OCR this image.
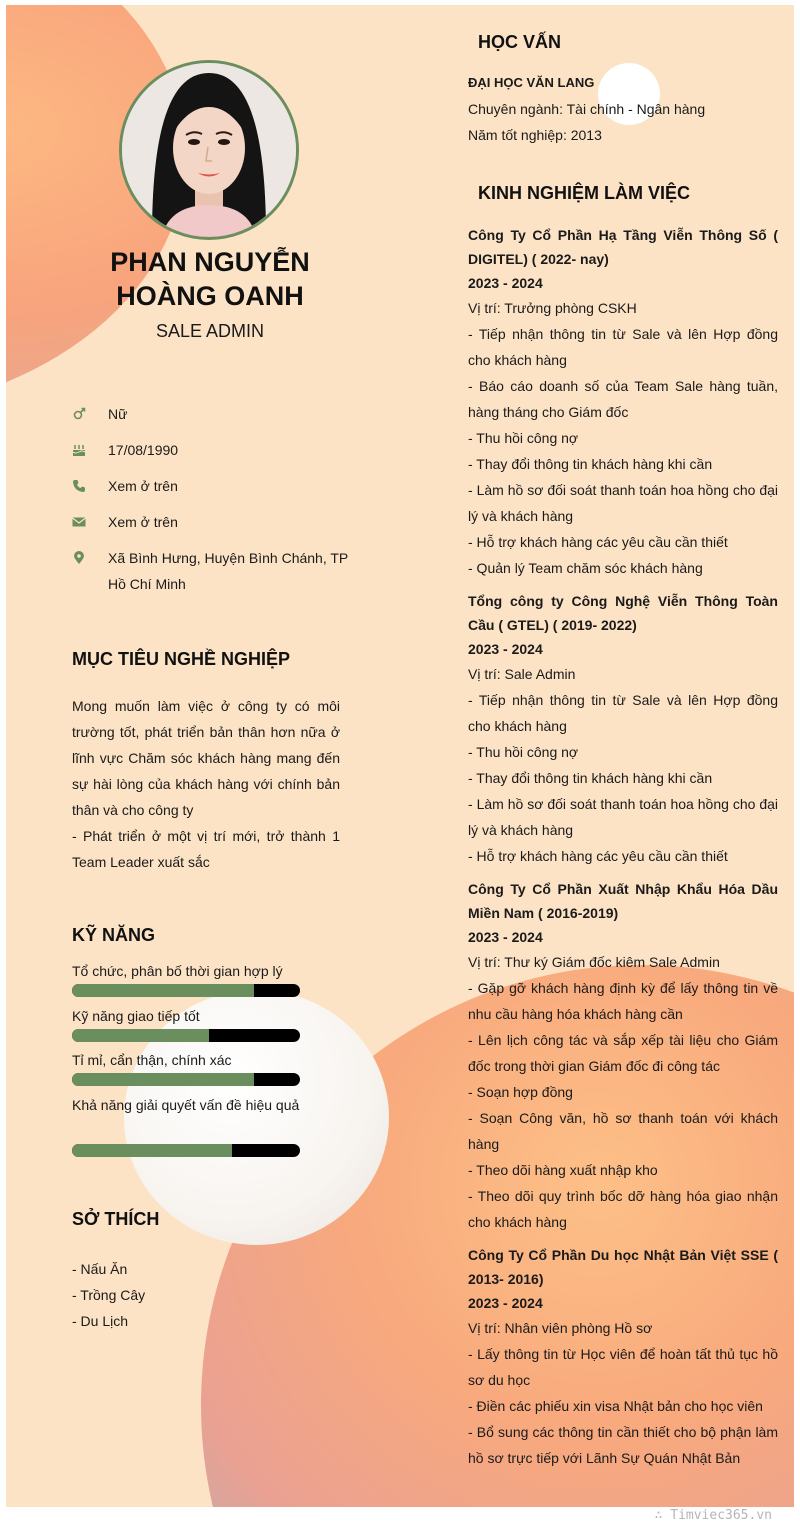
PHAN NGUYỄN
HOÀNG OANH
SALE ADMIN
Nữ
17/08/1990
Xem ở trên
Xem ở trên
Xã Bình Hưng, Huyện Bình Chánh, TP Hồ Chí Minh
MỤC TIÊU NGHỀ NGHIỆP
Mong muốn làm việc ở công ty có môi trường tốt, phát triển bản thân hơn nữa ở lĩnh vực Chăm sóc khách hàng mang đến sự hài lòng của khách hàng với chính bản thân và cho công ty
- Phát triển ở một vị trí mới, trở thành 1 Team Leader xuất sắc
KỸ NĂNG
Tổ chức, phân bố thời gian hợp lý
Kỹ năng giao tiếp tốt
Tỉ mỉ, cẩn thận, chính xác
Khả năng giải quyết vấn đề hiệu quả
SỞ THÍCH
- Nấu Ăn
- Trồng Cây
- Du Lịch
HỌC VẤN
ĐẠI HỌC VĂN LANG
Chuyên ngành: Tài chính - Ngân hàng
Năm tốt nghiệp: 2013
KINH NGHIỆM LÀM VIỆC
Công Ty Cổ Phần Hạ Tầng Viễn Thông Số ( DIGITEL) ( 2022- nay)
2023 - 2024
Vị trí: Trưởng phòng CSKH
- Tiếp nhận thông tin từ Sale và lên Hợp đồng cho khách hàng
- Báo cáo doanh số của Team Sale hàng tuần, hàng tháng cho Giám đốc
- Thu hồi công nợ
- Thay đổi thông tin khách hàng khi cần
- Làm hồ sơ đối soát thanh toán hoa hồng cho đại lý và khách hàng
- Hỗ trợ khách hàng các yêu cầu cần thiết
- Quản lý Team chăm sóc khách hàng
Tổng công ty Công Nghệ Viễn Thông Toàn Cầu ( GTEL) ( 2019- 2022)
2023 - 2024
Vị trí: Sale Admin
- Tiếp nhận thông tin từ Sale và lên Hợp đồng cho khách hàng
- Thu hồi công nợ
- Thay đổi thông tin khách hàng khi cần
- Làm hồ sơ đối soát thanh toán hoa hồng cho đại lý và khách hàng
- Hỗ trợ khách hàng các yêu cầu cần thiết
Công Ty Cổ Phần Xuất Nhập Khẩu Hóa Dầu Miền Nam ( 2016-2019)
2023 - 2024
Vị trí: Thư ký Giám đốc kiêm Sale Admin
- Gặp gỡ khách hàng định kỳ để lấy thông tin về nhu cầu hàng hóa khách hàng cần
- Lên lịch công tác và sắp xếp tài liệu cho Giám đốc trong thời gian Giám đốc đi công tác
- Soạn hợp đồng
- Soạn Công văn, hồ sơ thanh toán với khách hàng
- Theo dõi hàng xuất nhập kho
- Theo dõi quy trình bốc dỡ hàng hóa giao nhận cho khách hàng
Công Ty Cổ Phần Du học Nhật Bản Việt SSE ( 2013- 2016)
2023 - 2024
Vị trí: Nhân viên phòng Hồ sơ
- Lấy thông tin từ Học viên để hoàn tất thủ tục hồ sơ du học
- Điền các phiếu xin visa Nhật bản cho học viên
- Bổ sung các thông tin cần thiết cho bộ phận làm hồ sơ trực tiếp với Lãnh Sự Quán Nhật Bản
∴ Timviec365.vn
